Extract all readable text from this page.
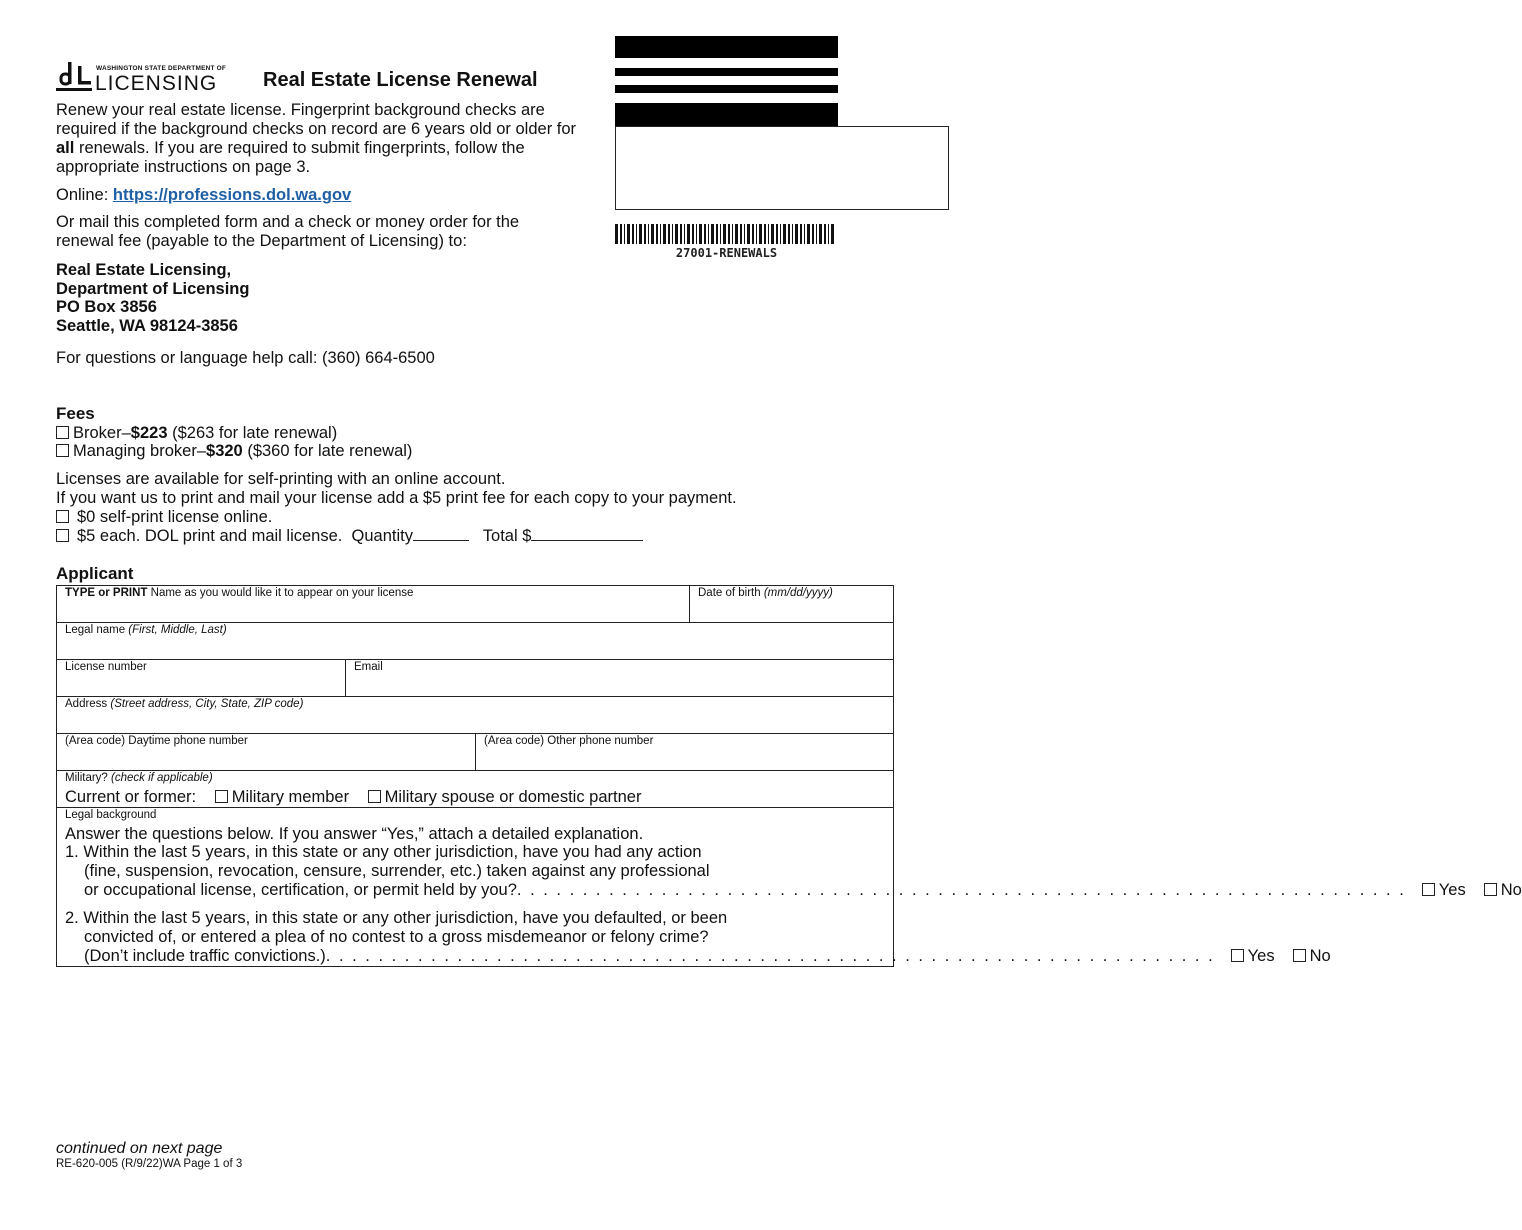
WASHINGTON STATE DEPARTMENT OF
LICENSING Real Estate License Renewal
27001-RENEWALS
Renew your real estate license. Fingerprint background checks are required if the background checks on record are 6 years old or older for all renewals. If you are required to submit fingerprints, follow the appropriate instructions on page 3.
Online: https://professions.dol.wa.gov
Or mail this completed form and a check or money order for the renewal fee (payable to the Department of Licensing) to:
Real Estate Licensing,
Department of Licensing
PO Box 3856
Seattle, WA 98124-3856
For questions or language help call: (360) 664-6500
Fees
Broker–$223 ($263 for late renewal)
Managing broker–$320 ($360 for late renewal)
Licenses are available for self-printing with an online account.
If you want us to print and mail your license add a $5 print fee for each copy to your payment.
$0 self-print license online.
$5 each. DOL print and mail license. Quantity	Total $
Applicant
TYPE or PRINT Name as you would like it to appear on your license	Date of birth (mm/dd/yyyy)
Legal name (First, Middle, Last)
License number	Email
Address (Street address, City, State, ZIP code)
(Area code) Daytime phone number	(Area code) Other phone number
Military? (check if applicable)
Current or former: Military member Military spouse or domestic partner
Legal background
Answer the questions below. If you answer “Yes,” attach a detailed explanation.
1. Within the last 5 years, in this state or any other jurisdiction, have you had any action
(fine, suspension, revocation, censure, surrender, etc.) taken against any professional
or occupational license, certification, or permit held by you? . . . . . . . . . . . . . . . . . . . . . . . . . . . . . . . . . . . . . . . . . . . . . . . . . . . . . . . . . . . . . . . . . . . .	Yes No
2. Within the last 5 years, in this state or any other jurisdiction, have you defaulted, or been
convicted of, or entered a plea of no contest to a gross misdemeanor or felony crime?
(Don’t include traffic convictions.) . . . . . . . . . . . . . . . . . . . . . . . . . . . . . . . . . . . . . . . . . . . . . . . . . . . . . . . . . . . . . . . . . . . .	Yes No
continued on next page
RE-620-005 (R/9/22)WA Page 1 of 3
